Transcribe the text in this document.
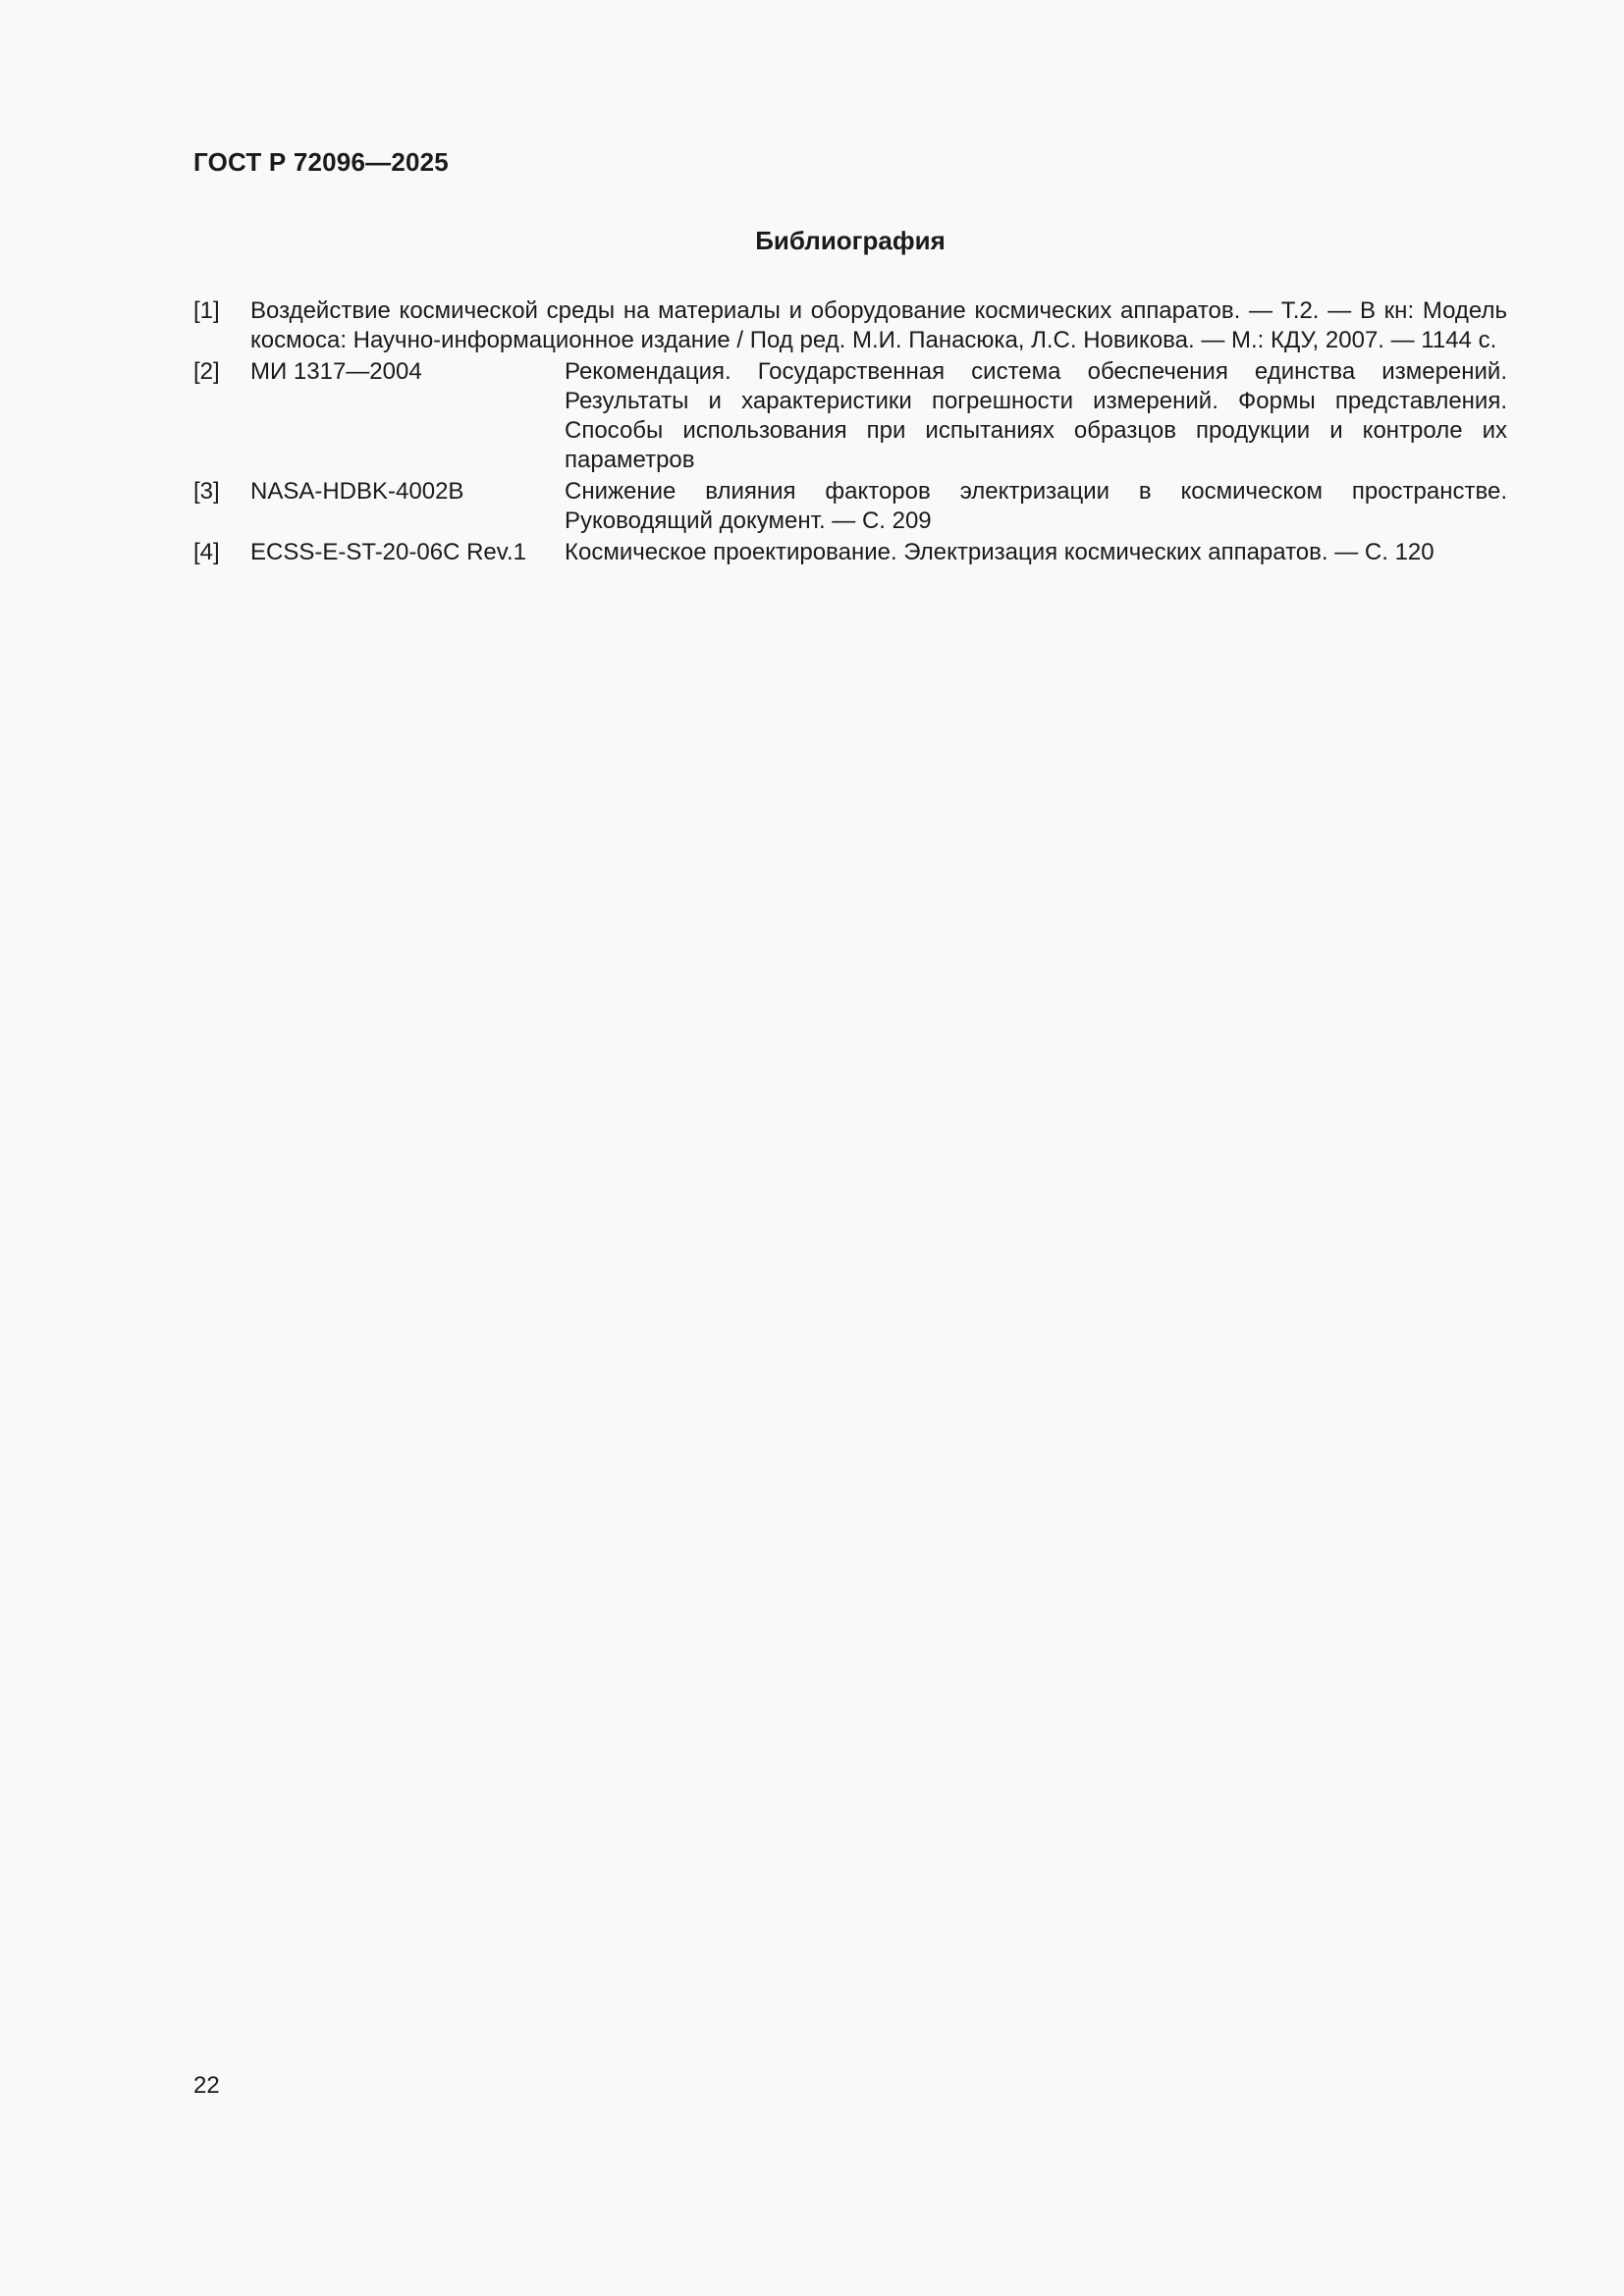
ГОСТ Р 72096—2025
Библиография
[1]	Воздействие космической среды на материалы и оборудование космических аппаратов. — Т.2. — В кн: Модель космоса: Научно-информационное издание / Под ред. М.И. Панасюка, Л.С. Новикова. — М.: КДУ, 2007. — 1144 с.
[2]	МИ 1317—2004	Рекомендация. Государственная система обеспечения единства измерений. Результаты и характеристики погрешности измерений. Формы представления. Способы использования при испытаниях образцов продукции и контроле их параметров
[3]	NASA-HDBK-4002B	Снижение влияния факторов электризации в космическом пространстве. Руководящий документ. — С. 209
[4]	ECSS-E-ST-20-06C Rev.1	Космическое проектирование. Электризация космических аппаратов. — С. 120
22
